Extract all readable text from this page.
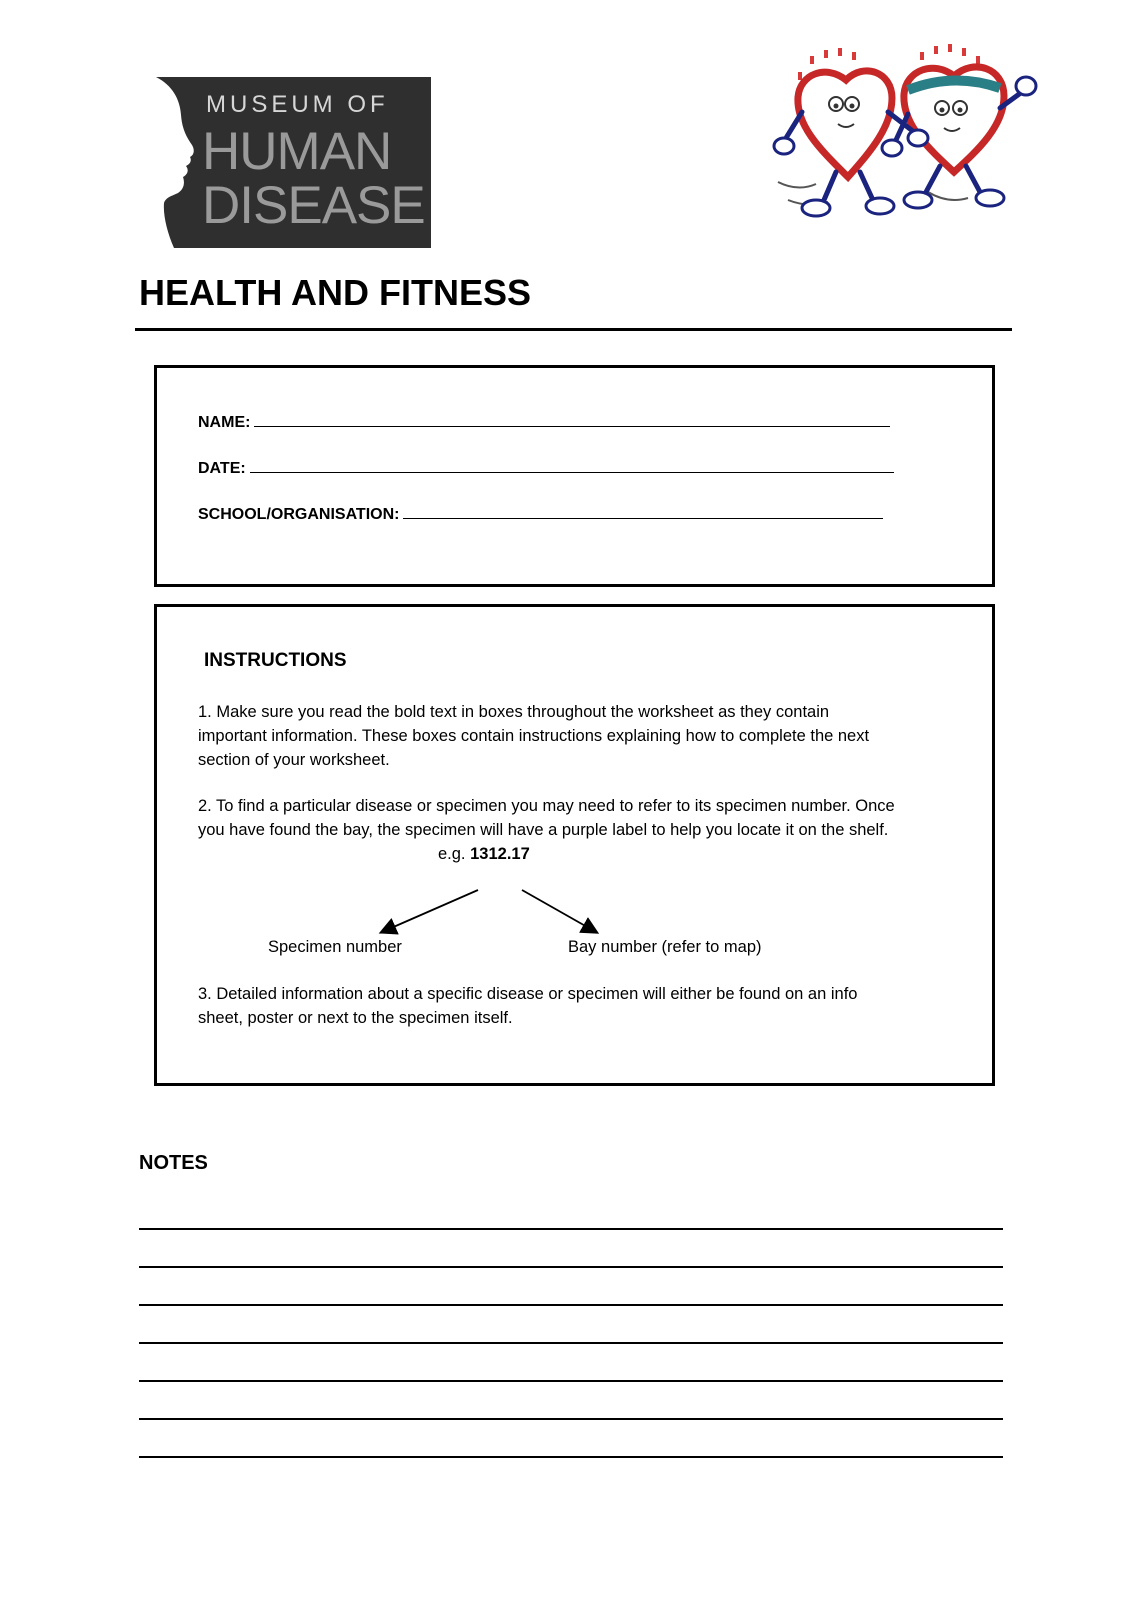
MUSEUM OF
HUMAN
DISEASE
HEALTH AND FITNESS
NAME:
DATE:
SCHOOL/ORGANISATION:
INSTRUCTIONS
1. Make sure you read the bold text in boxes throughout the worksheet as they contain
important information. These boxes contain instructions explaining how to complete the next
section of your worksheet.
2. To find a particular disease or specimen you may need to refer to its specimen number. Once
you have found the bay, the specimen will have a purple label to help you locate it on the shelf.
e.g. 1312.17
Specimen number	Bay number (refer to map)
3. Detailed information about a specific disease or specimen will either be found on an info
sheet, poster or next to the specimen itself.
NOTES
